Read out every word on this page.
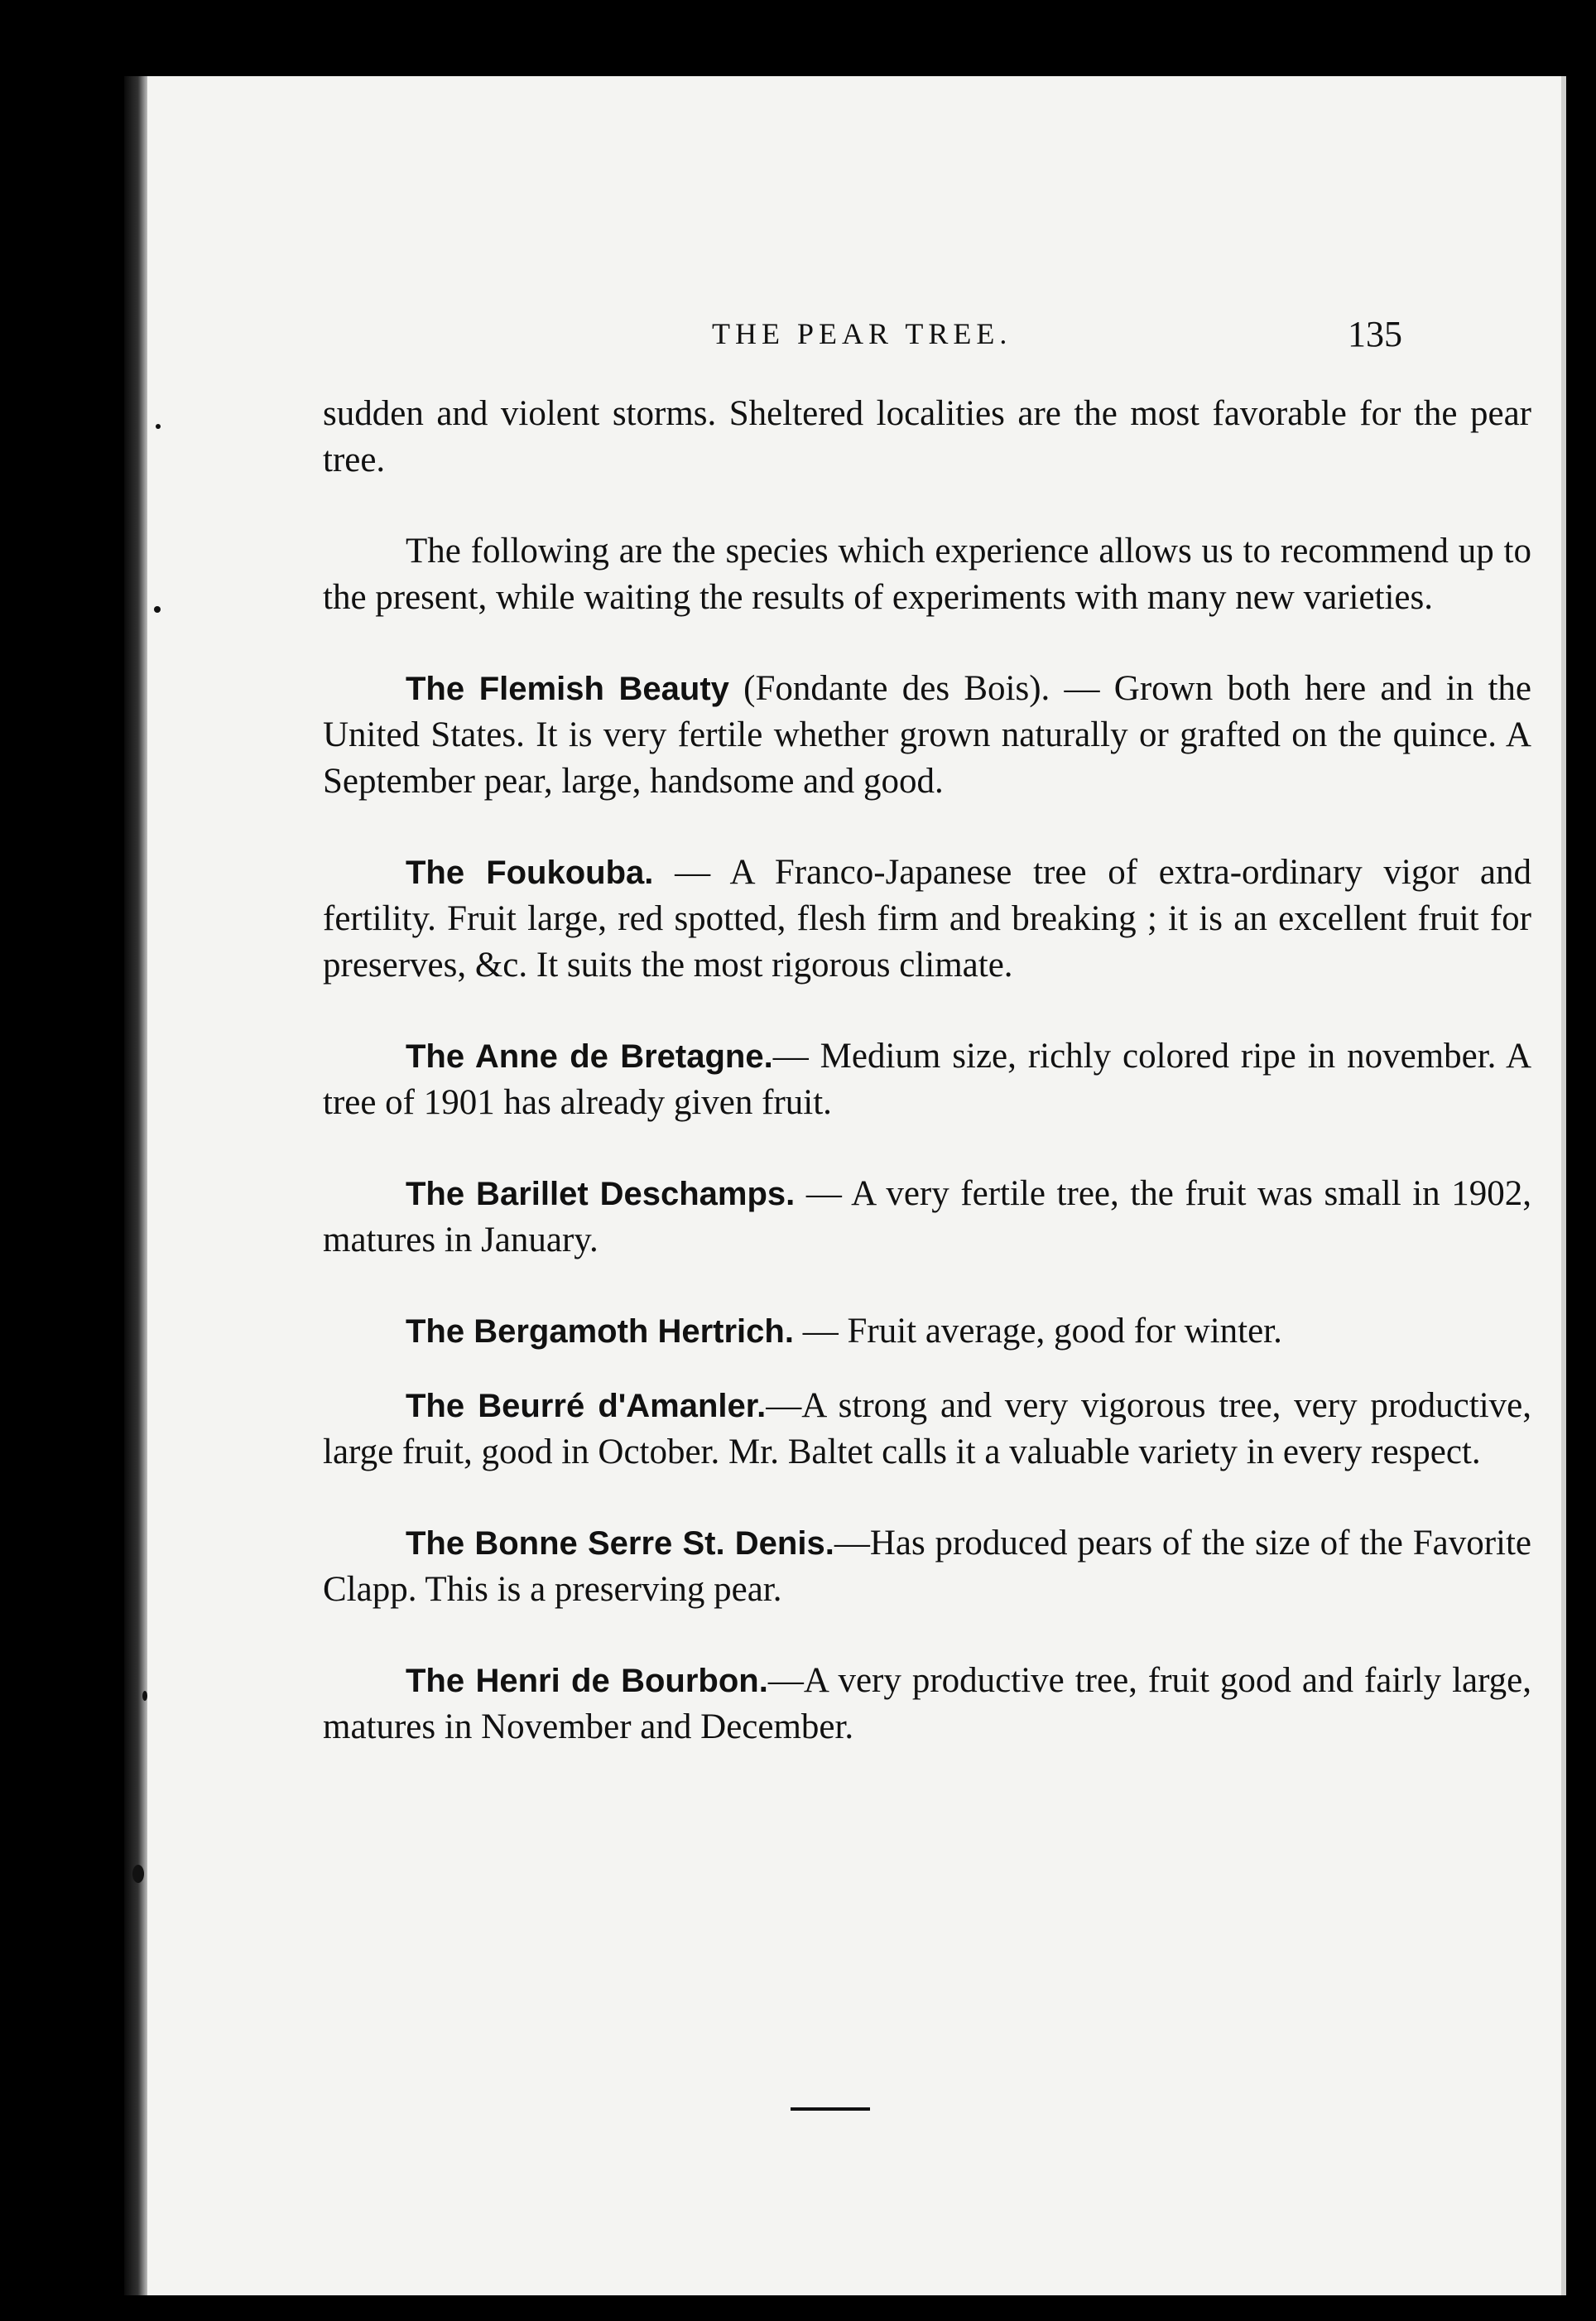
THE PEAR TREE.	135

sudden and violent storms. Sheltered localities are the most favorable for the pear tree.

The following are the species which experience allows us to recommend up to the present, while waiting the results of experiments with many new varieties.

The Flemish Beauty (Fondante des Bois). — Grown both here and in the United States. It is very fertile whether grown naturally or grafted on the quince. A September pear, large, handsome and good.

The Foukouba. — A Franco-Japanese tree of extra-ordinary vigor and fertility. Fruit large, red spotted, flesh firm and breaking ; it is an excellent fruit for preserves, &c. It suits the most rigorous climate.

The Anne de Bretagne.— Medium size, richly colored ripe in november. A tree of 1901 has already given fruit.

The Barillet Deschamps. — A very fertile tree, the fruit was small in 1902, matures in January.

The Bergamoth Hertrich. — Fruit average, good for winter.

The Beurré d'Amanler.—A strong and very vigorous tree, very productive, large fruit, good in October. Mr. Baltet calls it a valuable variety in every respect.

The Bonne Serre St. Denis.—Has produced pears of the size of the Favorite Clapp. This is a preserving pear.

The Henri de Bourbon.—A very productive tree, fruit good and fairly large, matures in November and December.
